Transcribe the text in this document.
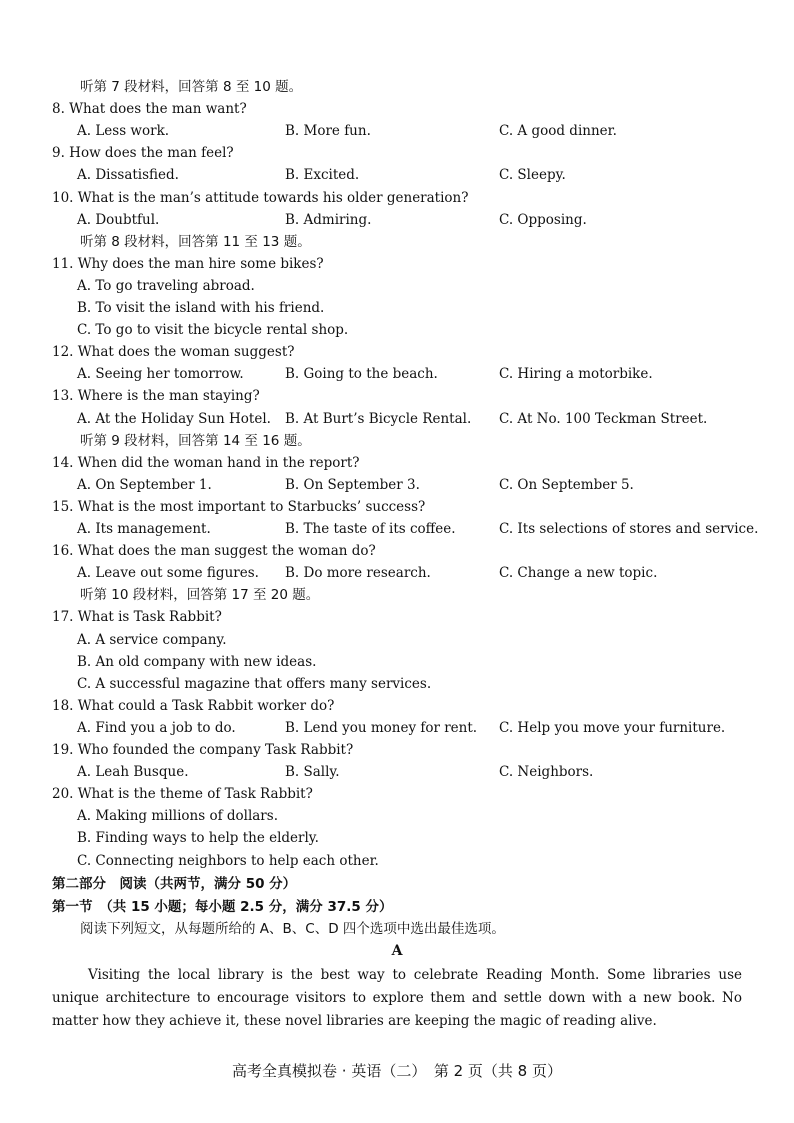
听第 7 段材料，回答第 8 至 10 题。
8. What does the man want?
A. Less work.	B. More fun.	C. A good dinner.
9. How does the man feel?
A. Dissatisfied.	B. Excited.	C. Sleepy.
10. What is the man’s attitude towards his older generation?
A. Doubtful.	B. Admiring.	C. Opposing.
听第 8 段材料，回答第 11 至 13 题。
11. Why does the man hire some bikes?
A. To go traveling abroad.
B. To visit the island with his friend.
C. To go to visit the bicycle rental shop.
12. What does the woman suggest?
A. Seeing her tomorrow.	B. Going to the beach.	C. Hiring a motorbike.
13. Where is the man staying?
A. At the Holiday Sun Hotel. B. At Burt’s Bicycle Rental. C. At No. 100 Teckman Street.
听第 9 段材料，回答第 14 至 16 题。
14. When did the woman hand in the report?
A. On September 1.	B. On September 3.	C. On September 5.
15. What is the most important to Starbucks’ success?
A. Its management.	B. The taste of its coffee.	C. Its selections of stores and service.
16. What does the man suggest the woman do?
A. Leave out some figures. B. Do more research.	C. Change a new topic.
听第 10 段材料，回答第 17 至 20 题。
17. What is Task Rabbit?
A. A service company.
B. An old company with new ideas.
C. A successful magazine that offers many services.
18. What could a Task Rabbit worker do?
A. Find you a job to do.	B. Lend you money for rent. C. Help you move your furniture.
19. Who founded the company Task Rabbit?
A. Leah Busque.	B. Sally.	C. Neighbors.
20. What is the theme of Task Rabbit?
A. Making millions of dollars.
B. Finding ways to help the elderly.
C. Connecting neighbors to help each other.
第二部分　阅读（共两节，满分 50 分）
第一节　（共 15 小题；每小题 2.5 分，满分 37.5 分）
阅读下列短文，从每题所给的 A、B、C、D 四个选项中选出最佳选项。
A
Visiting the local library is the best way to celebrate Reading Month. Some libraries use unique architecture to encourage visitors to explore them and settle down with a new book. No matter how they achieve it, these novel libraries are keeping the magic of reading alive.
高考全真模拟卷 · 英语（二）　第 2 页（共 8 页）
